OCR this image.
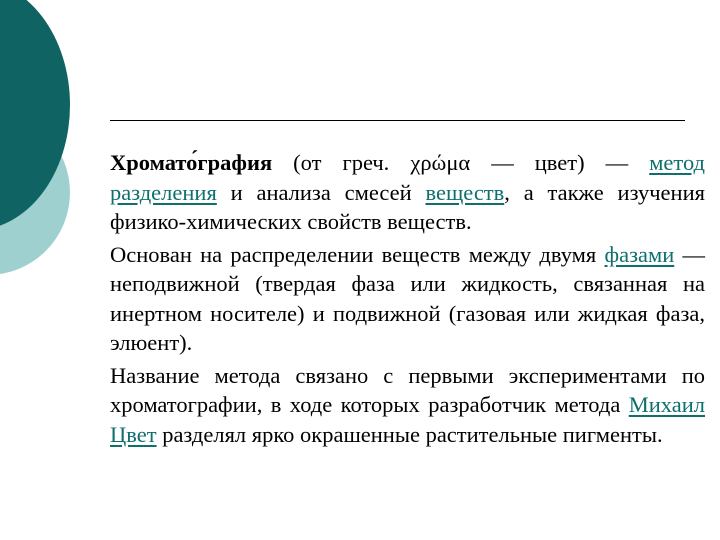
Хромато́графия (от греч. χρώμα — цвет) — метод разделения и анализа смесей веществ, а также изучения физико-химических свойств веществ.

Основан на распределении веществ между двумя фазами — неподвижной (твердая фаза или жидкость, связанная на инертном носителе) и подвижной (газовая или жидкая фаза, элюент).

Название метода связано с первыми экспериментами по хроматографии, в ходе которых разработчик метода Михаил Цвет разделял ярко окрашенные растительные пигменты.
